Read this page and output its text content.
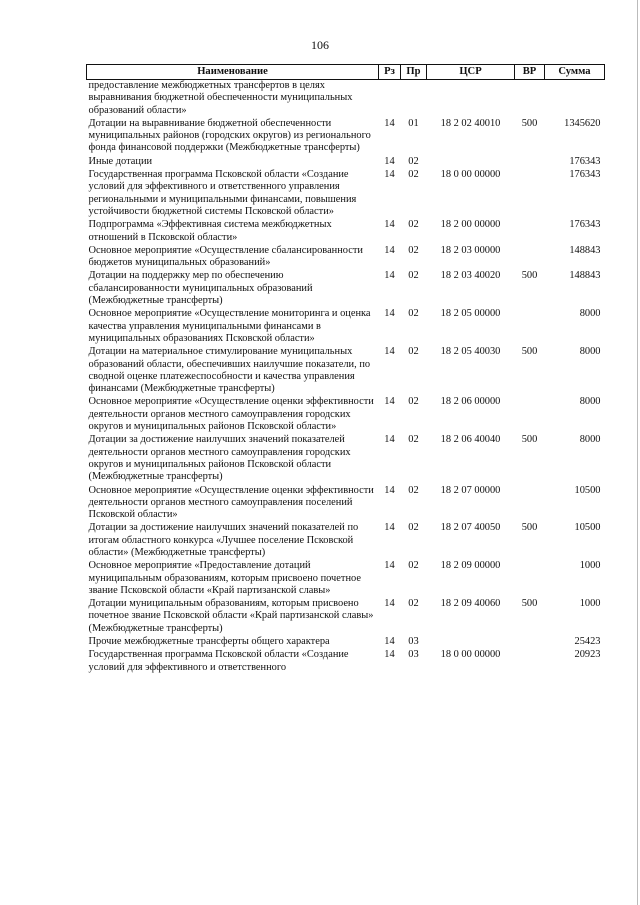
106
Наименование	Рз	Пр	ЦСР	ВР	Сумма
предоставление межбюджетных трансфертов в целях выравнивания бюджетной обеспеченности муниципальных образований области»					
Дотации на выравнивание бюджетной обеспеченности муниципальных районов (городских округов) из регионального фонда финансовой поддержки (Межбюджетные трансферты)	14	01	18 2 02 40010	500	1345620
Иные дотации	14	02			176343
Государственная программа Псковской области «Создание условий для эффективного и ответственного управления региональными и муниципальными финансами, повышения устойчивости бюджетной системы Псковской области»	14	02	18 0 00 00000		176343
Подпрограмма «Эффективная система межбюджетных отношений в Псковской области»	14	02	18 2 00 00000		176343
Основное мероприятие «Осуществление сбалансированности бюджетов муниципальных образований»	14	02	18 2 03 00000		148843
Дотации на поддержку мер по обеспечению сбалансированности муниципальных образований (Межбюджетные трансферты)	14	02	18 2 03 40020	500	148843
Основное мероприятие «Осуществление мониторинга и оценка качества управления муниципальными финансами в муниципальных образованиях Псковской области»	14	02	18 2 05 00000		8000
Дотации на материальное стимулирование муниципальных образований области, обеспечивших наилучшие показатели, по сводной оценке платежеспособности и качества управления финансами (Межбюджетные трансферты)	14	02	18 2 05 40030	500	8000
Основное мероприятие «Осуществление оценки эффективности деятельности органов местного самоуправления городских округов и муниципальных районов Псковской области»	14	02	18 2 06 00000		8000
Дотации за достижение наилучших значений показателей деятельности органов местного самоуправления городских округов и муниципальных районов Псковской области (Межбюджетные трансферты)	14	02	18 2 06 40040	500	8000
Основное мероприятие «Осуществление оценки эффективности деятельности органов местного самоуправления поселений Псковской области»	14	02	18 2 07 00000		10500
Дотации за достижение наилучших значений показателей по итогам областного конкурса «Лучшее поселение Псковской области» (Межбюджетные трансферты)	14	02	18 2 07 40050	500	10500
Основное мероприятие «Предоставление дотаций муниципальным образованиям, которым присвоено почетное звание Псковской области «Край партизанской славы»	14	02	18 2 09 00000		1000
Дотации муниципальным образованиям, которым присвоено почетное звание Псковской области «Край партизанской славы» (Межбюджетные трансферты)	14	02	18 2 09 40060	500	1000
Прочие межбюджетные трансферты общего характера	14	03			25423
Государственная программа Псковской области «Создание условий для эффективного и ответственного	14	03	18 0 00 00000		20923
